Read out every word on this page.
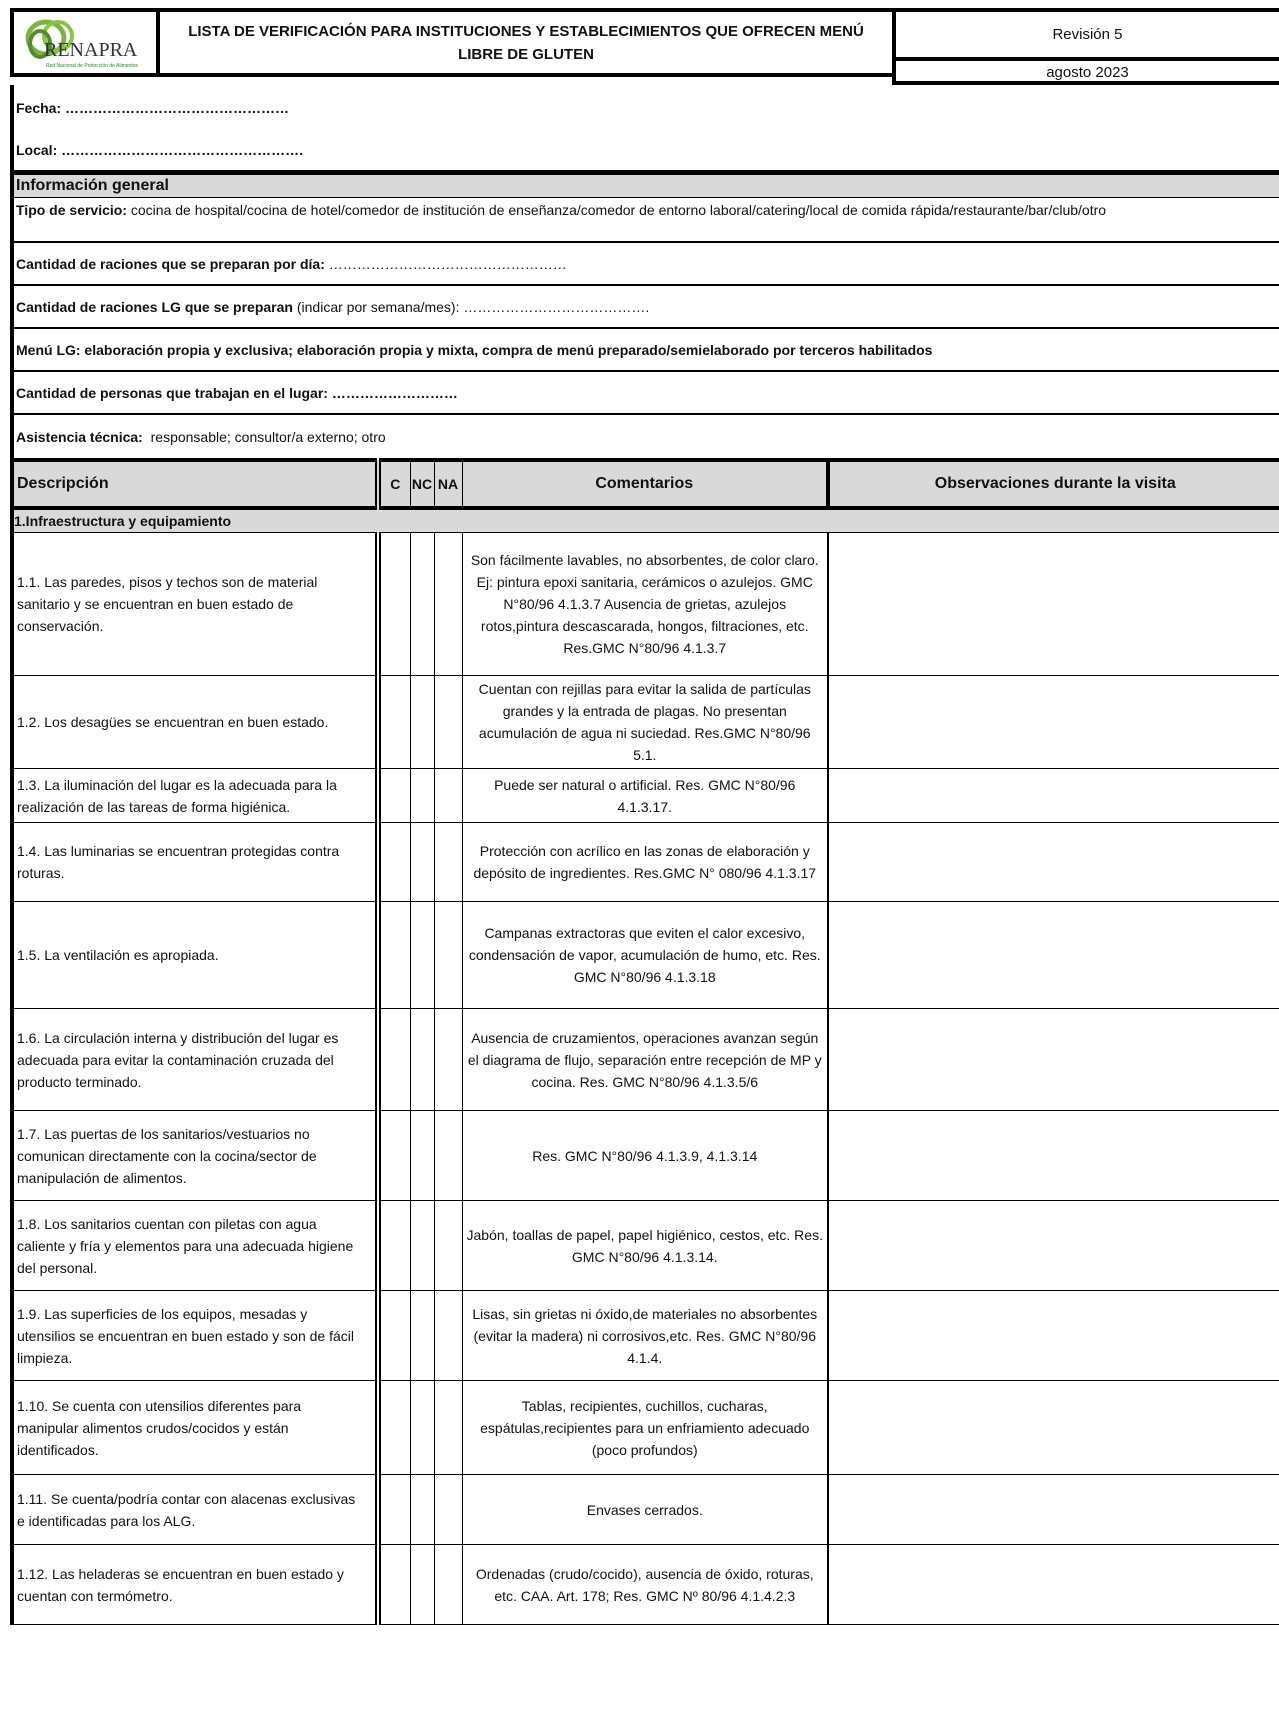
RENAPRA
Red Nacional de Protección de Alimentos
LISTA DE VERIFICACIÓN PARA INSTITUCIONES Y ESTABLECIMIENTOS QUE OFRECEN MENÚ LIBRE DE GLUTEN
Revisión 5
agosto 2023
Fecha: …………………………………………
Local: …………………………………………….
Información general
Tipo de servicio: cocina de hospital/cocina de hotel/comedor de institución de enseñanza/comedor de entorno laboral/catering/local de comida rápida/restaurante/bar/club/otro
Cantidad de raciones que se preparan por día: ……………………………………………
Cantidad de raciones LG que se preparan (indicar por semana/mes): ………………………………….
Menú LG: elaboración propia y exclusiva; elaboración propia y mixta, compra de menú preparado/semielaborado por terceros habilitados
Cantidad de personas que trabajan en el lugar: ………………………
Asistencia técnica: responsable; consultor/a externo; otro
Descripción	C	NC	NA	Comentarios	Observaciones durante la visita
1.Infraestructura y equipamiento					
1.1. Las paredes, pisos y techos son de material sanitario y se encuentran en buen estado de conservación.				Son fácilmente lavables, no absorbentes, de color claro. Ej: pintura epoxi sanitaria, cerámicos o azulejos. GMC N°80/96 4.1.3.7 Ausencia de grietas, azulejos rotos,pintura descascarada, hongos, filtraciones, etc. Res.GMC N°80/96 4.1.3.7	
1.2. Los desagües se encuentran en buen estado.				Cuentan con rejillas para evitar la salida de partículas grandes y la entrada de plagas. No presentan acumulación de agua ni suciedad. Res.GMC N°80/96 5.1.	
1.3. La iluminación del lugar es la adecuada para la realización de las tareas de forma higiénica.				Puede ser natural o artificial. Res. GMC N°80/96 4.1.3.17.	
1.4. Las luminarias se encuentran protegidas contra roturas.				Protección con acrílico en las zonas de elaboración y depósito de ingredientes. Res.GMC N° 080/96 4.1.3.17	
1.5. La ventilación es apropiada.				Campanas extractoras que eviten el calor excesivo, condensación de vapor, acumulación de humo, etc. Res. GMC N°80/96 4.1.3.18	
1.6. La circulación interna y distribución del lugar es adecuada para evitar la contaminación cruzada del producto terminado.				Ausencia de cruzamientos, operaciones avanzan según el diagrama de flujo, separación entre recepción de MP y cocina. Res. GMC N°80/96 4.1.3.5/6	
1.7. Las puertas de los sanitarios/vestuarios no comunican directamente con la cocina/sector de manipulación de alimentos.				Res. GMC N°80/96 4.1.3.9, 4.1.3.14	
1.8. Los sanitarios cuentan con piletas con agua caliente y fría y elementos para una adecuada higiene del personal.				Jabón, toallas de papel, papel higiénico, cestos, etc. Res. GMC N°80/96 4.1.3.14.	
1.9. Las superficies de los equipos, mesadas y utensilios se encuentran en buen estado y son de fácil limpieza.				Lisas, sin grietas ni óxido,de materiales no absorbentes (evitar la madera) ni corrosivos,etc. Res. GMC N°80/96 4.1.4.	
1.10. Se cuenta con utensilios diferentes para manipular alimentos crudos/cocidos y están identificados.				Tablas, recipientes, cuchillos, cucharas, espátulas,recipientes para un enfriamiento adecuado (poco profundos)	
1.11. Se cuenta/podría contar con alacenas exclusivas e identificadas para los ALG.				Envases cerrados.	
1.12. Las heladeras se encuentran en buen estado y cuentan con termómetro.				Ordenadas (crudo/cocido), ausencia de óxido, roturas, etc. CAA. Art. 178; Res. GMC Nº 80/96 4.1.4.2.3	
